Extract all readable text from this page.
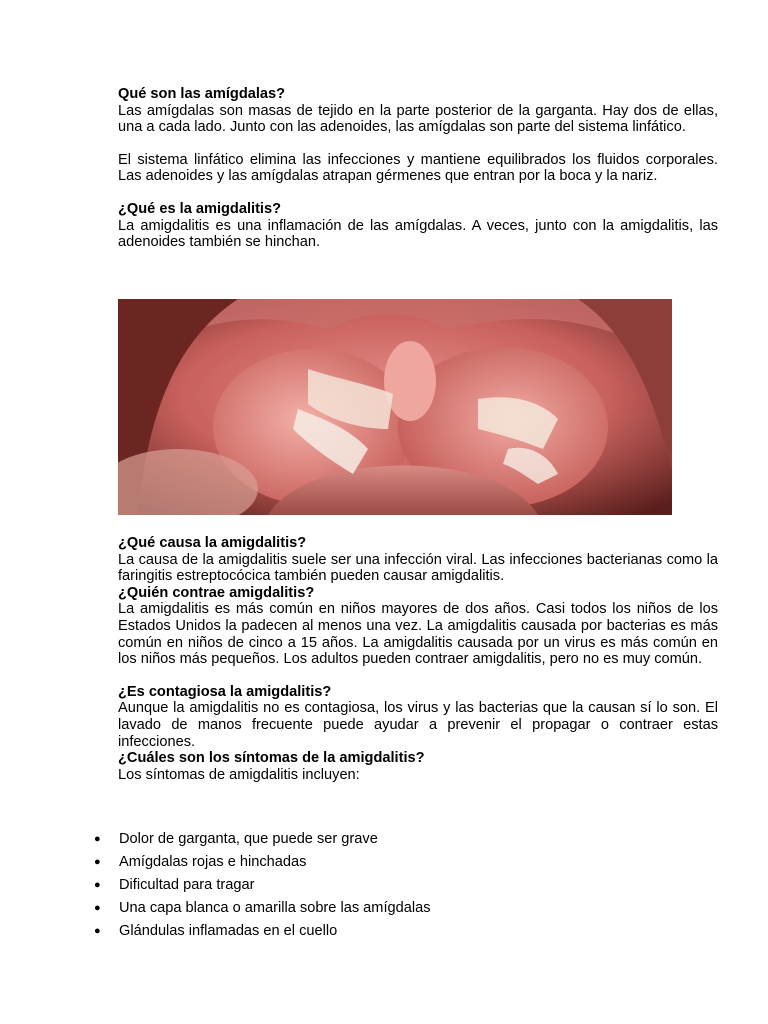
Qué son las amígdalas?

Las amígdalas son masas de tejido en la parte posterior de la garganta. Hay dos de ellas, una a cada lado. Junto con las adenoides, las amígdalas son parte del sistema linfático.

El sistema linfático elimina las infecciones y mantiene equilibrados los fluidos corporales. Las adenoides y las amígdalas atrapan gérmenes que entran por la boca y la nariz.

¿Qué es la amigdalitis?

La amigdalitis es una inflamación de las amígdalas. A veces, junto con la amigdalitis, las adenoides también se hinchan.

¿Qué causa la amigdalitis?

La causa de la amigdalitis suele ser una infección viral. Las infecciones bacterianas como la faringitis estreptocócica también pueden causar amigdalitis.

¿Quién contrae amigdalitis?

La amigdalitis es más común en niños mayores de dos años. Casi todos los niños de los Estados Unidos la padecen al menos una vez. La amigdalitis causada por bacterias es más común en niños de cinco a 15 años. La amigdalitis causada por un virus es más común en los niños más pequeños. Los adultos pueden contraer amigdalitis, pero no es muy común.

¿Es contagiosa la amigdalitis?

Aunque la amigdalitis no es contagiosa, los virus y las bacterias que la causan sí lo son. El lavado de manos frecuente puede ayudar a prevenir el propagar o contraer estas infecciones.

¿Cuáles son los síntomas de la amigdalitis?

Los síntomas de amigdalitis incluyen:

● Dolor de garganta, que puede ser grave
● Amígdalas rojas e hinchadas
● Dificultad para tragar
● Una capa blanca o amarilla sobre las amígdalas
● Glándulas inflamadas en el cuello
